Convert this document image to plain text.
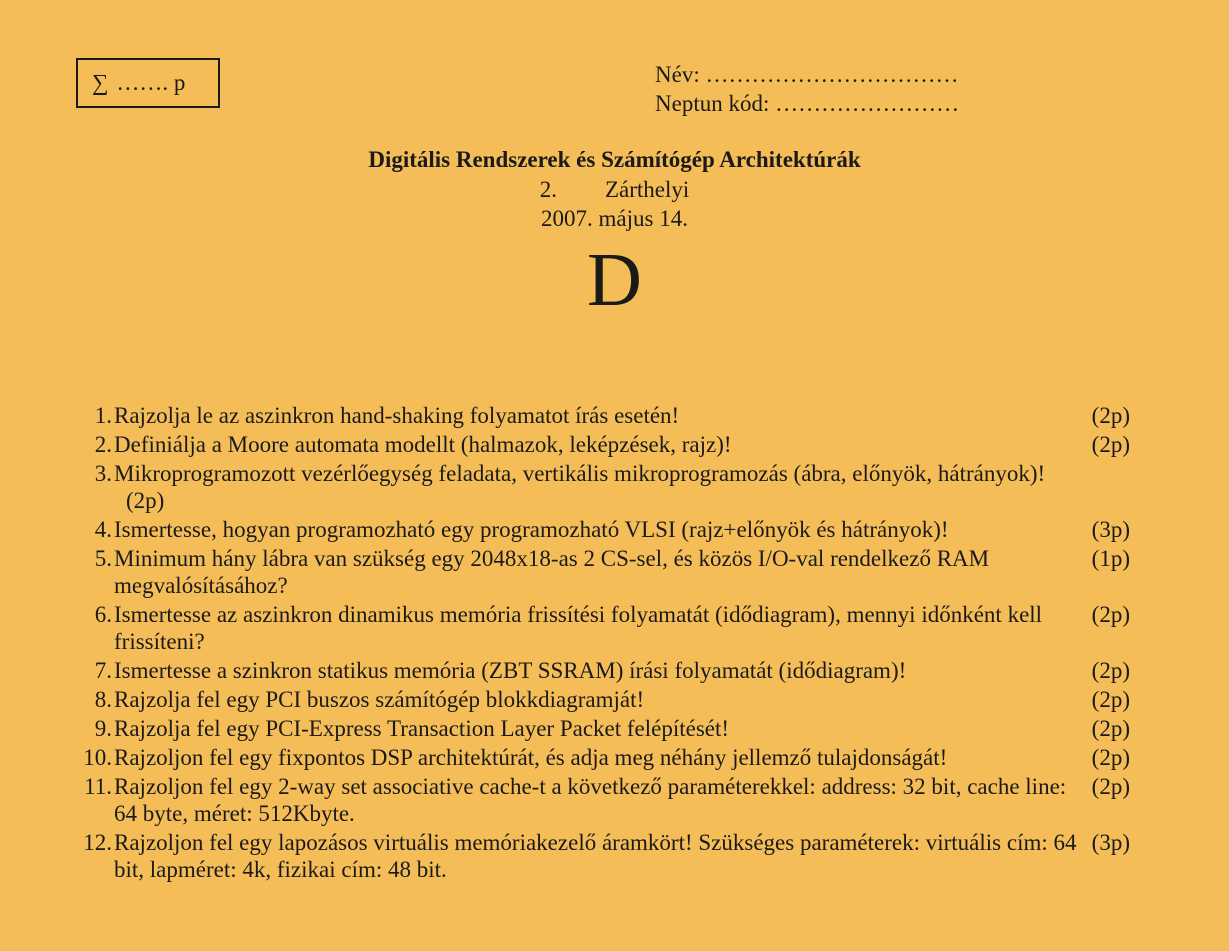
∑ ……. p	Név: ……………………………
Neptun kód: ……………………
Digitális Rendszerek és Számítógép Architektúrák
2. Zárthelyi
2007. május 14.
D
1.	(2p)
Rajzolja le az aszinkron hand-shaking folyamatot írás esetén!
2.	(2p)
Definiálja a Moore automata modellt (halmazok, leképzések, rajz)!
3. Mikroprogramozott vezérlőegység feladata, vertikális mikroprogramozás (ábra, előnyök, hátrányok)!
(2p)
4.	(3p)
Ismertesse, hogyan programozható egy programozható VLSI (rajz+előnyök és hátrányok)!
5.	(1p)
Minimum hány lábra van szükség egy 2048x18-as 2 CS-sel, és közös I/O-val rendelkező RAM megvalósításához?
6.	(2p)
Ismertesse az aszinkron dinamikus memória frissítési folyamatát (idődiagram), mennyi időnként kell frissíteni?
7.	(2p)
Ismertesse a szinkron statikus memória (ZBT SSRAM) írási folyamatát (idődiagram)!
8.	(2p)
Rajzolja fel egy PCI buszos számítógép blokkdiagramját!
9.	(2p)
Rajzolja fel egy PCI-Express Transaction Layer Packet felépítését!
10.	(2p)
Rajzoljon fel egy fixpontos DSP architektúrát, és adja meg néhány jellemző tulajdonságát!
11.	(2p)
Rajzoljon fel egy 2-way set associative cache-t a következő paraméterekkel: address: 32 bit, cache line: 64 byte, méret: 512Kbyte.
12.	(3p)
Rajzoljon fel egy lapozásos virtuális memóriakezelő áramkört! Szükséges paraméterek: virtuális cím: 64 bit, lapméret: 4k, fizikai cím: 48 bit.
